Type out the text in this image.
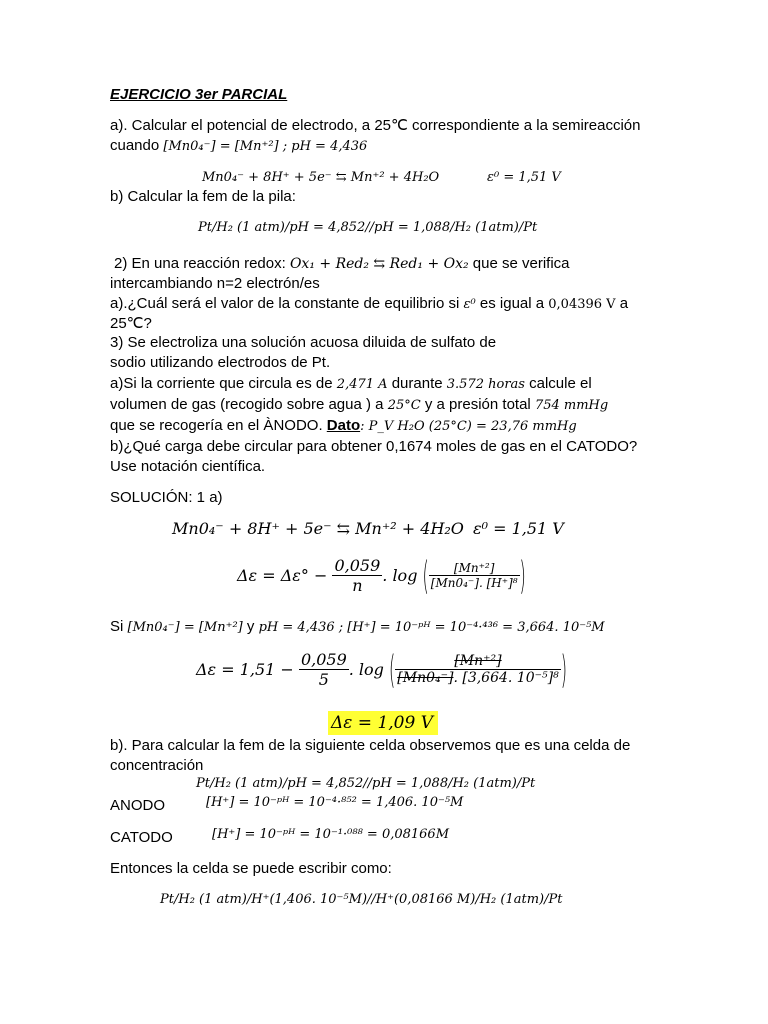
EJERCICIO 3er PARCIAL
a). Calcular el potencial de electrodo, a 25℃ correspondiente a la semireacción
cuando [Mn0₄⁻] = [Mn⁺²] ; pH = 4,436
Mn0₄⁻ + 8H⁺ + 5e⁻ ⇆ Mn⁺² + 4H₂O	ε⁰ = 1,51 V
b) Calcular la fem de la pila:
Pt/H₂ (1 atm)/pH = 4,852//pH = 1,088/H₂ (1atm)/Pt
2) En una reacción redox: Ox₁ + Red₂ ⇆ Red₁ + Ox₂ que se verifica
intercambiando n=2 electrón/es
a).¿Cuál será el valor de la constante de equilibrio si ε⁰ es igual a 0,04396 V a
25℃?
3) Se electroliza una solución acuosa diluida de sulfato de
sodio utilizando electrodos de Pt.
a)Si la corriente que circula es de 2,471 A durante 3.572 horas calcule el
volumen de gas (recogido sobre agua ) a 25°C y a presión total 754 mmHg
que se recogería en el ÀNODO. Dato: P_V H₂O (25°C) = 23,76 mmHg
b)¿Qué carga debe circular para obtener 0,1674 moles de gas en el CATODO?
Use notación científica.
SOLUCIÓN: 1 a)
Mn0₄⁻ + 8H⁺ + 5e⁻ ⇆ Mn⁺² + 4H₂O ε⁰ = 1,51 V
$\Delta\varepsilon = \Delta\varepsilon^\circ - \frac{0,059}{n}$ . log ( $\frac{\text{[Mn⁺²]}}{\text{[Mn0₄⁻]. [H⁺]⁸}}$ )
Si [Mn0₄⁻] = [Mn⁺²] y pH = 4,436 ; [H⁺] = 10⁻ᵖᴴ = 10⁻⁴·⁴³⁶ = 3,664. 10⁻⁵M
$\Delta\varepsilon = 1,51 - \frac{0,059}{5}$ . log ( $\frac{\text{[Mn⁺²]}}{\text{[Mn0₄⁻]. [3,664. 10⁻⁵]⁸}}$ )
Δε = 1,09 V
b). Para calcular la fem de la siguiente celda observemos que es una celda de
concentración
Pt/H₂ (1 atm)/pH = 4,852//pH = 1,088/H₂ (1atm)/Pt
ANODO	[H⁺] = 10⁻ᵖᴴ = 10⁻⁴·⁸⁵² = 1,406. 10⁻⁵M
CATODO	[H⁺] = 10⁻ᵖᴴ = 10⁻¹·⁰⁸⁸ = 0,08166M
Entonces la celda se puede escribir como:
Pt/H₂ (1 atm)/H⁺(1,406. 10⁻⁵M)//H⁺(0,08166 M)/H₂ (1atm)/Pt
